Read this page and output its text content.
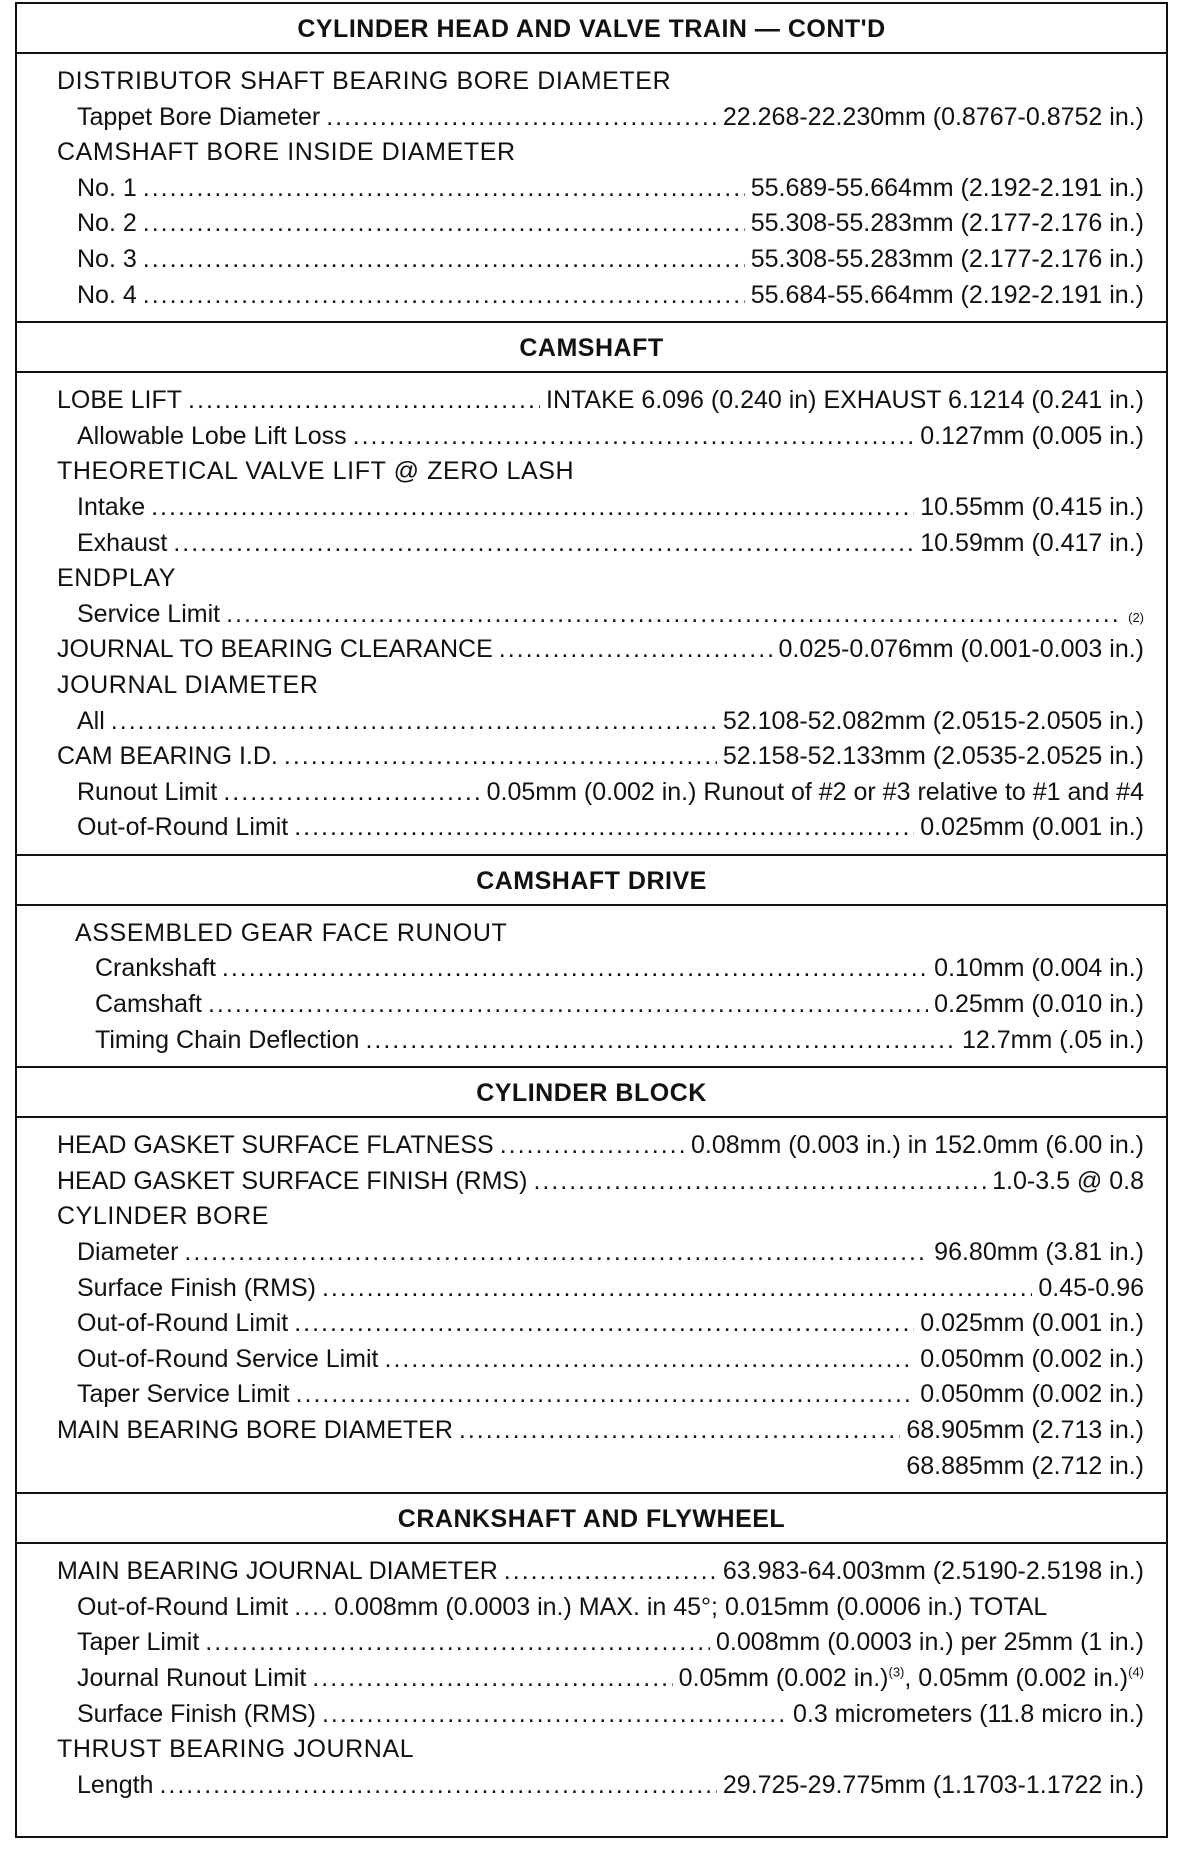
CYLINDER HEAD AND VALVE TRAIN — CONT'D
DISTRIBUTOR SHAFT BEARING BORE DIAMETER
Tappet Bore Diameter .....	22.268-22.230mm (0.8767-0.8752 in.)
CAMSHAFT BORE INSIDE DIAMETER
No. 1 .....	55.689-55.664mm (2.192-2.191 in.)
No. 2 .....	55.308-55.283mm (2.177-2.176 in.)
No. 3 .....	55.308-55.283mm (2.177-2.176 in.)
No. 4 .....	55.684-55.664mm (2.192-2.191 in.)
CAMSHAFT
LOBE LIFT .....	INTAKE 6.096 (0.240 in) EXHAUST 6.1214 (0.241 in.)
Allowable Lobe Lift Loss .....	0.127mm (0.005 in.)
THEORETICAL VALVE LIFT @ ZERO LASH
Intake .....	10.55mm (0.415 in.)
Exhaust .....	10.59mm (0.417 in.)
ENDPLAY
Service Limit .....	(2)
JOURNAL TO BEARING CLEARANCE .....	0.025-0.076mm (0.001-0.003 in.)
JOURNAL DIAMETER
All .....	52.108-52.082mm (2.0515-2.0505 in.)
CAM BEARING I.D. .....	52.158-52.133mm (2.0535-2.0525 in.)
Runout Limit .....	0.05mm (0.002 in.) Runout of #2 or #3 relative to #1 and #4
Out-of-Round Limit .....	0.025mm (0.001 in.)
CAMSHAFT DRIVE
ASSEMBLED GEAR FACE RUNOUT
Crankshaft .....	0.10mm (0.004 in.)
Camshaft .....	0.25mm (0.010 in.)
Timing Chain Deflection .....	12.7mm (.05 in.)
CYLINDER BLOCK
HEAD GASKET SURFACE FLATNESS .....	0.08mm (0.003 in.) in 152.0mm (6.00 in.)
HEAD GASKET SURFACE FINISH (RMS) .....	1.0-3.5 @ 0.8
CYLINDER BORE
Diameter .....	96.80mm (3.81 in.)
Surface Finish (RMS) .....	0.45-0.96
Out-of-Round Limit .....	0.025mm (0.001 in.)
Out-of-Round Service Limit .....	0.050mm (0.002 in.)
Taper Service Limit .....	0.050mm (0.002 in.)
MAIN BEARING BORE DIAMETER .....	68.905mm (2.713 in.)
68.885mm (2.712 in.)
CRANKSHAFT AND FLYWHEEL
MAIN BEARING JOURNAL DIAMETER .....	63.983-64.003mm (2.5190-2.5198 in.)
Out-of-Round Limit ..... 0.008mm (0.0003 in.) MAX. in 45°; 0.015mm (0.0006 in.) TOTAL
Taper Limit .....	0.008mm (0.0003 in.) per 25mm (1 in.)
Journal Runout Limit .....	0.05mm (0.002 in.)$^{(3)}$, 0.05mm (0.002 in.)$^{(4)}$
Surface Finish (RMS) .....	0.3 micrometers (11.8 micro in.)
THRUST BEARING JOURNAL
Length .....	29.725-29.775mm (1.1703-1.1722 in.)
